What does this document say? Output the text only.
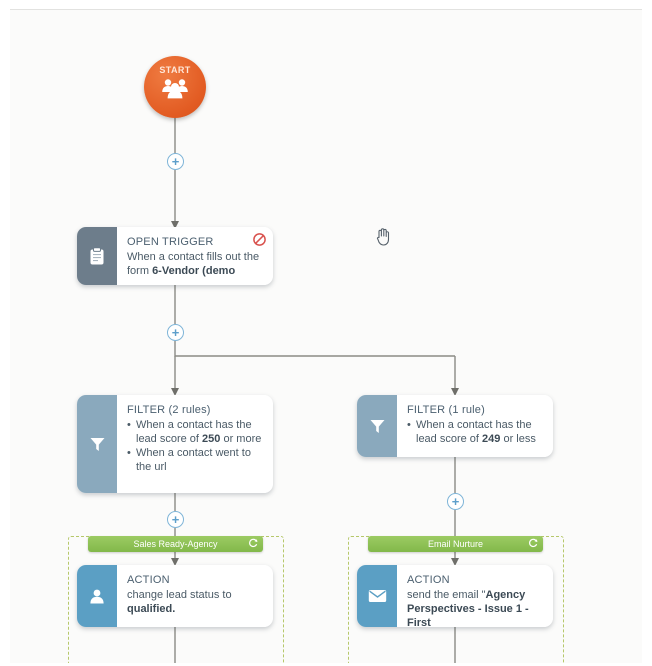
START
+
+
+
+
OPEN TRIGGER
When a contact fills out the form 6-Vendor (demo
FILTER (2 rules)
• When a contact has the lead score of 250 or more
• When a contact went to the url
FILTER (1 rule)
• When a contact has the lead score of 249 or less
Sales Ready-Agency	Email Nurture
ACTION
change lead status to qualified.
ACTION
send the email "Agency Perspectives - Issue 1 - First
